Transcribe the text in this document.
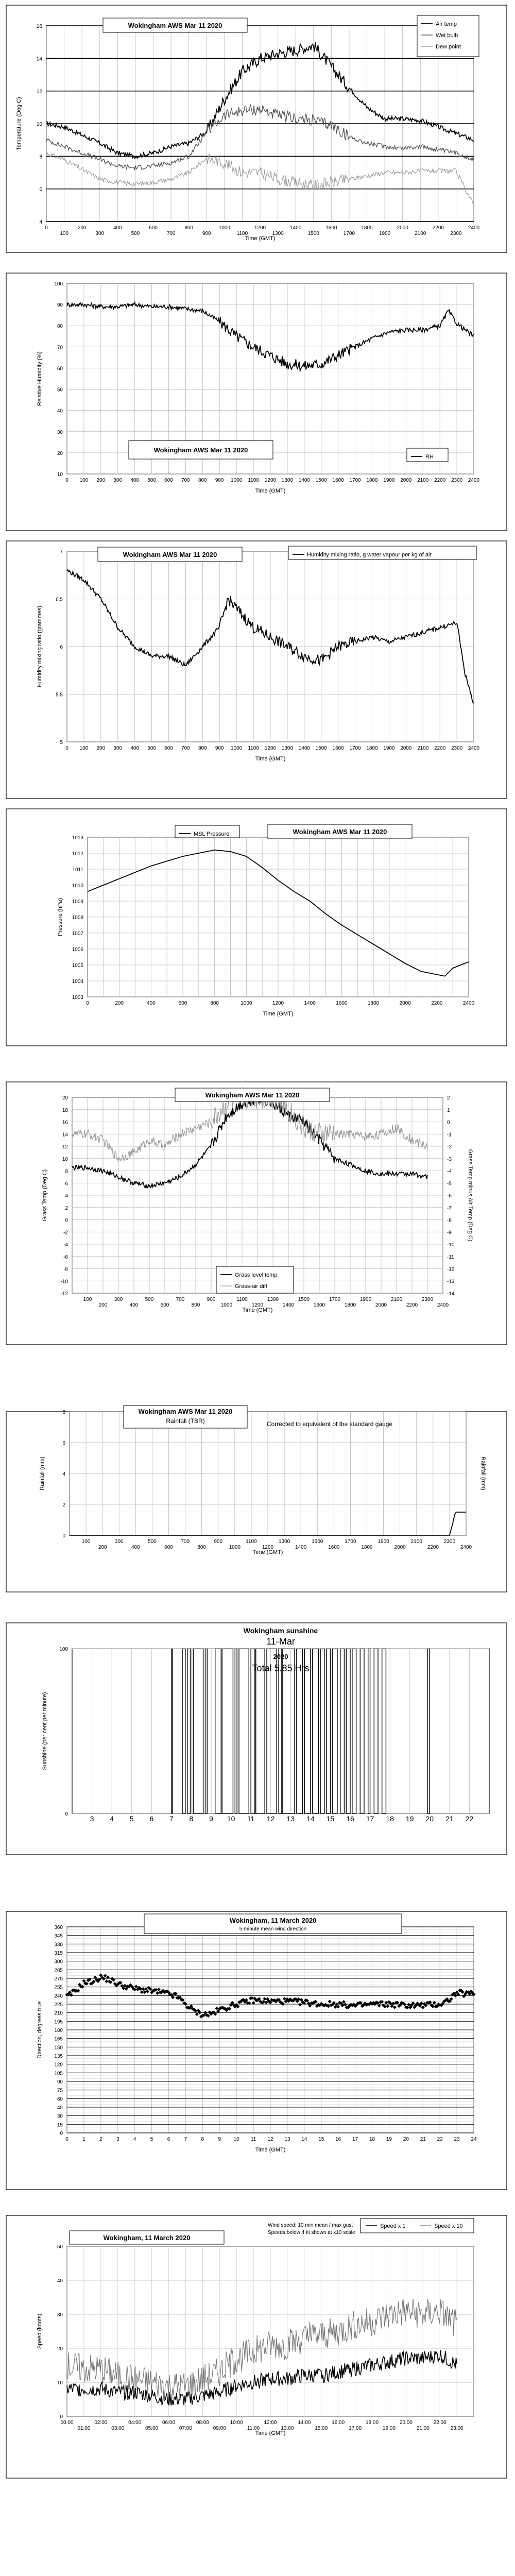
4
6
8
10
12
14
16
0
100
200
300
400
500
600
700
800
900
1000
1100
1200
1300
1400
1500
1600
1700
1800
1900
2000
2100
2200
2300
2400
Time (GMT)
Temperature (Deg C)
Wokingham AWS Mar 11 2020	Air temp
Wet bulb
Dew point
10
20
30
40
50
60
70
80
90
100
0 100 200 300 400 500 600 700 800 900 1000 1100 1200 1300 1400 1500 1600 1700 1800 1900 2000 2100 2200 2300 2400
Time (GMT)
Relative Humidity (%)
Wokingham AWS Mar 11 2020
RH
5
5.5
6
6.5
7
0 100 200 300 400 500 600 700 800 900 1000 1100 1200 1300 1400 1500 1600 1700 1800 1900 2000 2100 2200 2300 2400
Time (GMT)
Humidity mixing ratio (grammes)
Wokingham AWS Mar 11 2020	Humidity mixing ratio, g water vapour per kg of air
1003
1004
1005
1006
1007
1008
1009
1010
1011
1012
1013
0	200	400	600	800	1000	1200	1400	1600	1800	2000	2200	2400
Time (GMT)
Pressure (hPa)
Wokingham AWS Mar 11 2020
MSL Pressure
-12
-10
-8
-6
-4
-2
0
2
4
6
8
10
12
14
16
18
20
100
200
300
400
500
600
700
800
900
1000
1100
1200
1300
1400
1500
1600
1700
1800
1900
2000
2100
2200
2300
2400
-14
-13
-12
-11
-10
-9
-8
-7
-6
-5
-4
-3
-2
-1
0
1
2
Time (GMT)
Grass Temp (Deg C)	Grass Temp minus Air Temp (Deg C)
Wokingham AWS Mar 11 2020
Grass level temp
Grass-air diff
0
2
4
6
8
100
200
300
400
500
600
700
800
900
1000
1100
1200
1300
1400
1500
1600
1700
1800
1900
2000
2100
2200
2300
2400
Time (GMT)
Rainfall (mm)	Rainfall (mm)
Wokingham AWS Mar 11 2020
Rainfall (TBR)	Corrected to equivalent of the standard gauge
0
100
3 4 5 6 7 8 9 10 11 12 13 14 15 16 17 18 19 20 21 22
Sunshine (per cent per minute)
Wokingham sunshine
11-Mar
2020
Total 5.85 Hrs
0
15
30
45
60
75
90
105
120
135
150
165
180
195
210
225
240
255
270
285
300
315
330
345
360
0	1	2	3	4	5	6	7	8	9 10 11 12 13 14 15 16 17 18 19 20 21 22 23 24
Time (GMT)
Direction, degrees true
Wokingham, 11 March 2020
5-minute mean wind direction
0
10
20
30
40
50
00:00
01:00
02:00
03:00
04:00
05:00
06:00
07:00
08:00
09:00
10:00
11:00
12:00
13:00
14:00
15:00
16:00
17:00
18:00
19:00
20:00
21:00
22:00
23:00
Time (GMT)
Speed (knots)
Wokingham, 11 March 2020
Wind speed: 10 min mean / max gust
Speeds below 4 kt shown at x10 scale
Speed x 1	Speed x 10
